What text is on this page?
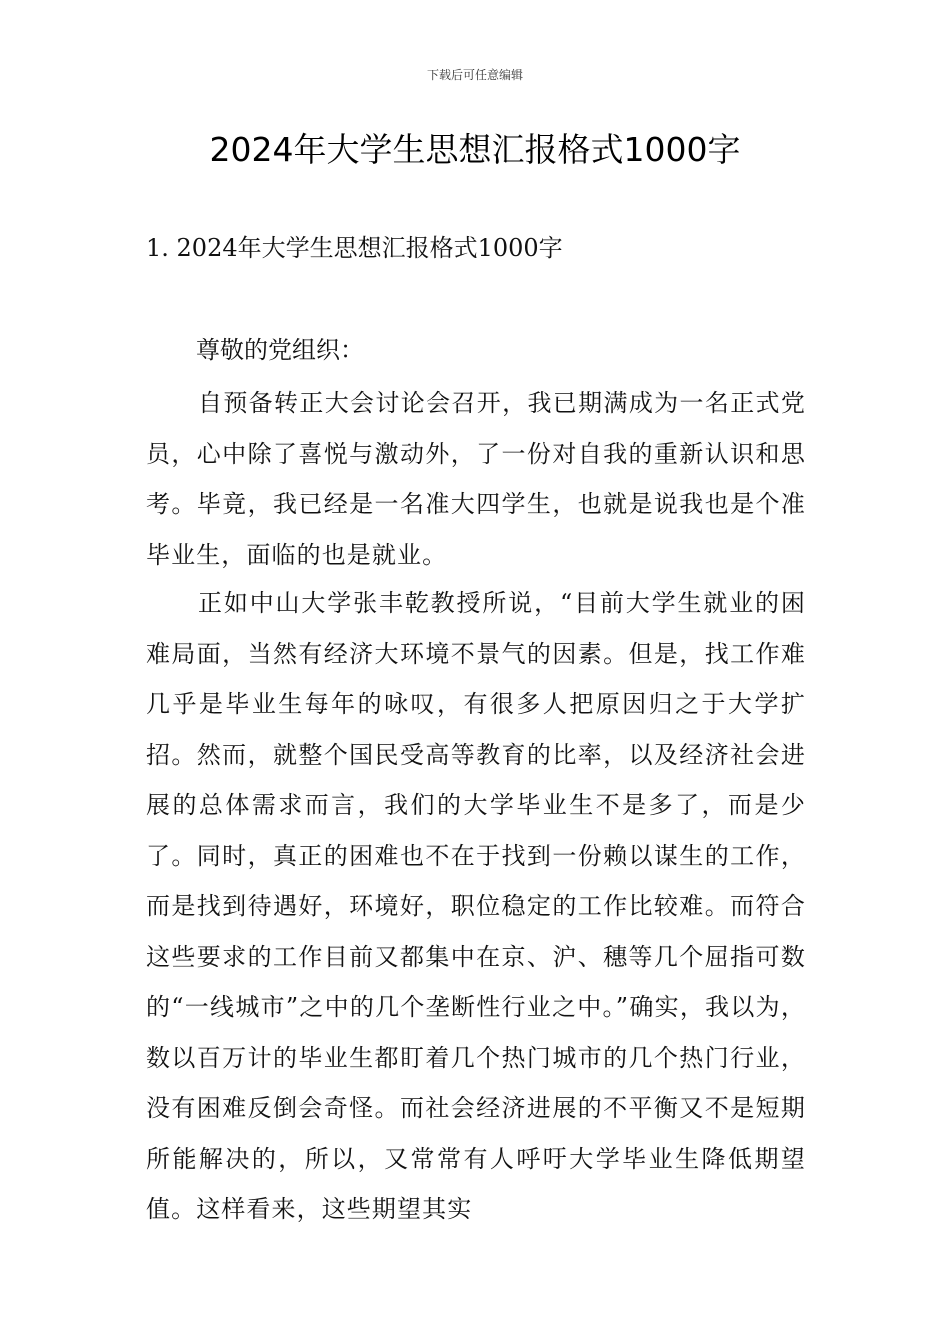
下载后可任意编辑
2024年大学生思想汇报格式1000字
1. 2024年大学生思想汇报格式1000字
尊敬的党组织：

自预备转正大会讨论会召开，我已期满成为一名正式党员，心中除了喜悦与激动外，了一份对自我的重新认识和思考。毕竟，我已经是一名准大四学生，也就是说我也是个准毕业生，面临的也是就业。

正如中山大学张丰乾教授所说，“目前大学生就业的困难局面，当然有经济大环境不景气的因素。但是，找工作难几乎是毕业生每年的咏叹，有很多人把原因归之于大学扩招。然而，就整个国民受高等教育的比率，以及经济社会进展的总体需求而言，我们的大学毕业生不是多了，而是少了。同时，真正的困难也不在于找到一份赖以谋生的工作，而是找到待遇好，环境好，职位稳定的工作比较难。而符合这些要求的工作目前又都集中在京、沪、穗等几个屈指可数的“一线城市”之中的几个垄断性行业之中。”确实，我以为，数以百万计的毕业生都盯着几个热门城市的几个热门行业，没有困难反倒会奇怪。而社会经济进展的不平衡又不是短期所能解决的，所以，又常常有人呼吁大学毕业生降低期望值。这样看来，这些期望其实
